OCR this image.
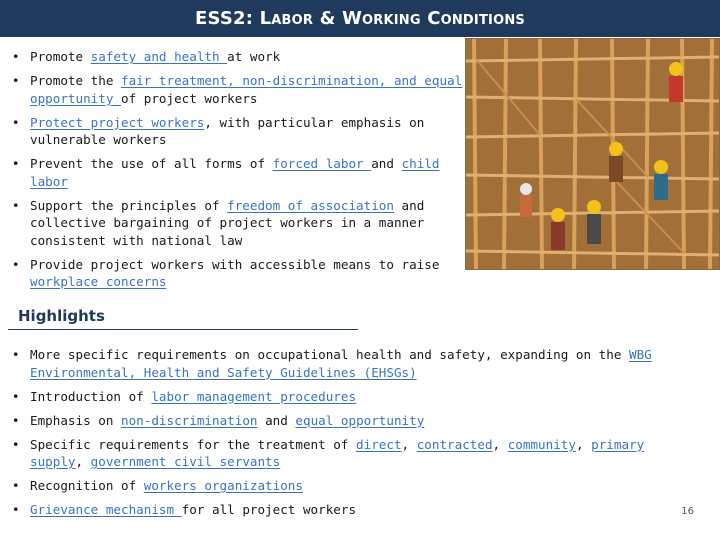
ESS2: Labor & Working Conditions
• Promote safety and health at work
• Promote the fair treatment, non-discrimination, and equal opportunity of project workers
• Protect project workers, with particular emphasis on vulnerable workers
• Prevent the use of all forms of forced labor and child labor
• Support the principles of freedom of association and collective bargaining of project workers in a manner consistent with national law
• Provide project workers with accessible means to raise workplace concerns
Highlights
• More specific requirements on occupational health and safety, expanding on the WBG Environmental, Health and Safety Guidelines (EHSGs)
• Introduction of labor management procedures
• Emphasis on non-discrimination and equal opportunity
• Specific requirements for the treatment of direct, contracted, community, primary supply, government civil servants
• Recognition of workers organizations
• Grievance mechanism for all project workers	16
